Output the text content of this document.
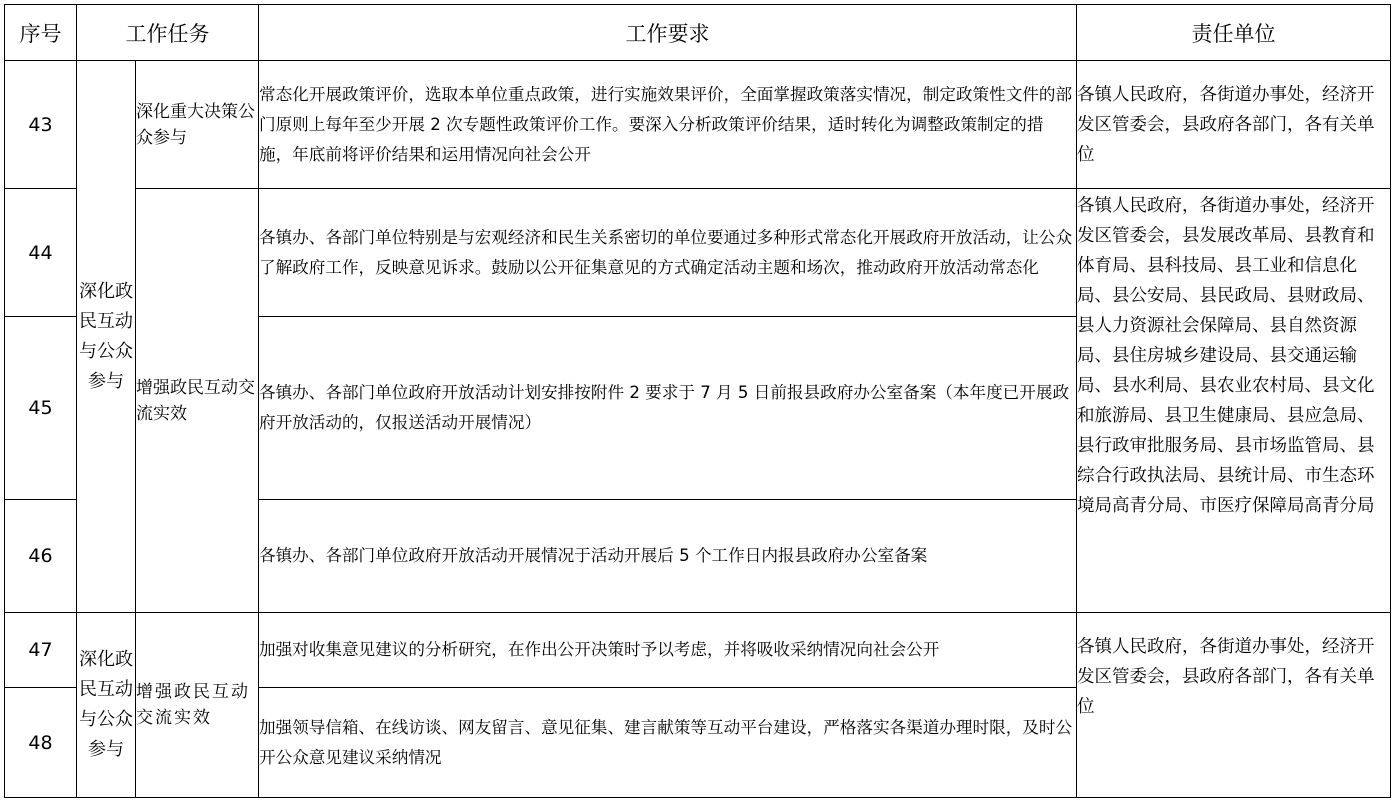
序号	工作任务		工作要求	责任单位
43	深化政民互动与公众参与	深化重大决策公众参与	常态化开展政策评价，选取本单位重点政策，进行实施效果评价，全面掌握政策落实情况，制定政策性文件的部门原则上每年至少开展 2 次专题性政策评价工作。要深入分析政策评价结果，适时转化为调整政策制定的措施，年底前将评价结果和运用情况向社会公开	各镇人民政府，各街道办事处，经济开发区管委会，县政府各部门，各有关单位
44		增强政民互动交流实效	各镇办、各部门单位特别是与宏观经济和民生关系密切的单位要通过多种形式常态化开展政府开放活动，让公众了解政府工作，反映意见诉求。鼓励以公开征集意见的方式确定活动主题和场次，推动政府开放活动常态化	各镇人民政府，各街道办事处，经济开发区管委会，县发展改革局、县教育和体育局、县科技局、县工业和信息化局、县公安局、县民政局、县财政局、县人力资源社会保障局、县自然资源局、县住房城乡建设局、县交通运输局、县水利局、县农业农村局、县文化和旅游局、县卫生健康局、县应急局、县行政审批服务局、县市场监管局、县综合行政执法局、县统计局、市生态环境局高青分局、市医疗保障局高青分局
45			各镇办、各部门单位政府开放活动计划安排按附件 2 要求于 7 月 5 日前报县政府办公室备案（本年度已开展政府开放活动的，仅报送活动开展情况）	
46			各镇办、各部门单位政府开放活动开展情况于活动开展后 5 个工作日内报县政府办公室备案	
47	深化政民互动与公众参与	增强政民互动交流实效	加强对收集意见建议的分析研究，在作出公开决策时予以考虑，并将吸收采纳情况向社会公开	各镇人民政府，各街道办事处，经济开发区管委会，县政府各部门，各有关单位
48			加强领导信箱、在线访谈、网友留言、意见征集、建言献策等互动平台建设，严格落实各渠道办理时限，及时公开公众意见建议采纳情况	
